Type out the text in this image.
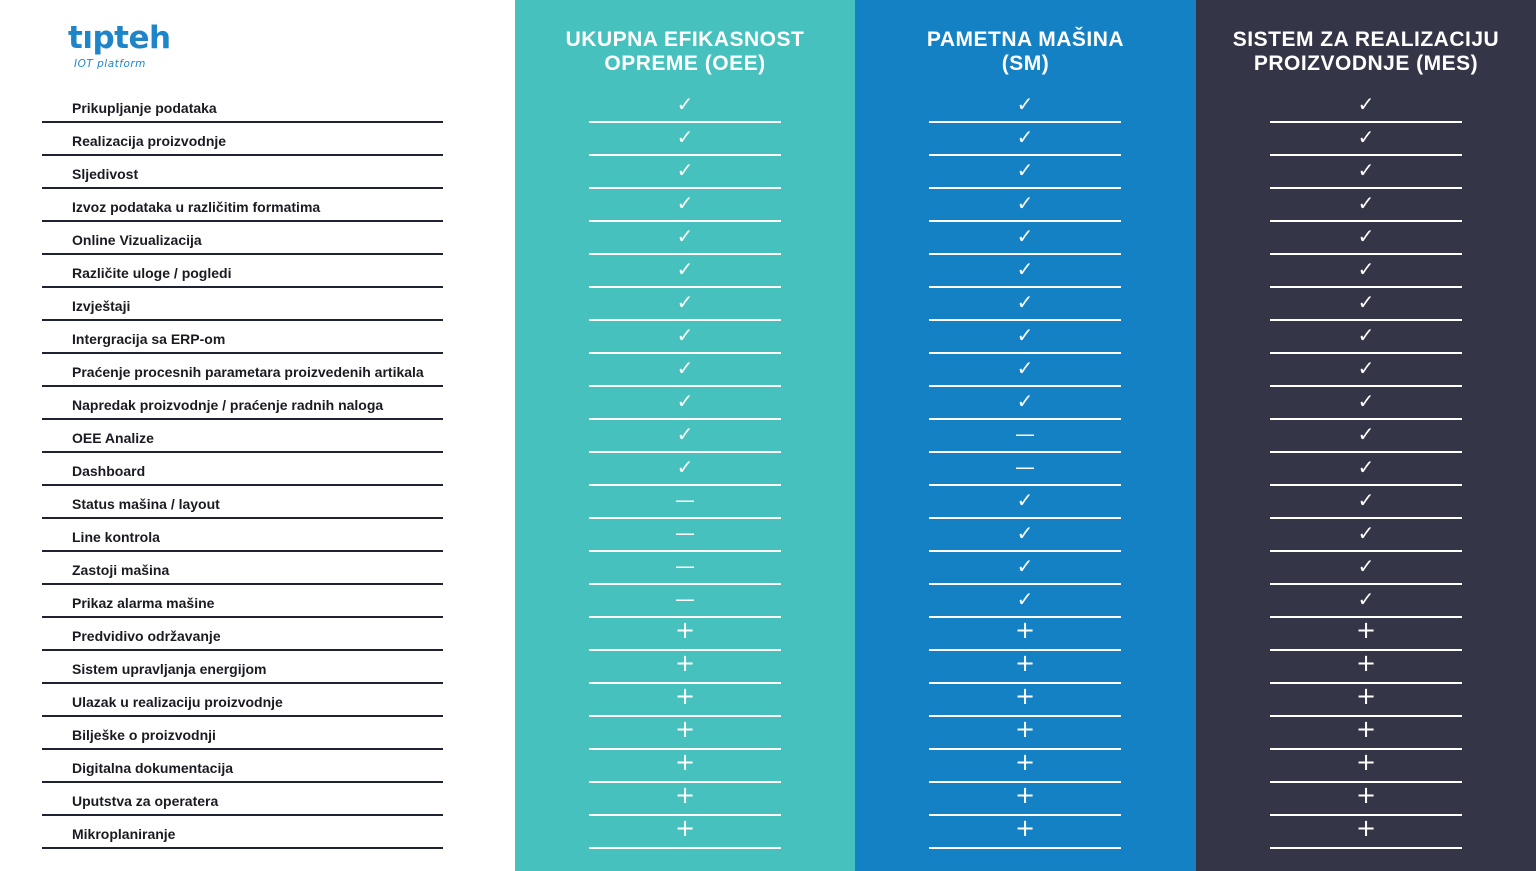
tıpteh
IOT platform
Prikupljanje podataka
Realizacija proizvodnje
Sljedivost
Izvoz podataka u različitim formatima
Online Vizualizacija
Različite uloge / pogledi
Izvještaji
Intergracija sa ERP-om
Praćenje procesnih parametara proizvedenih artikala
Napredak proizvodnje / praćenje radnih naloga
OEE Analize
Dashboard
Status mašina / layout
Line kontrola
Zastoji mašina
Prikaz alarma mašine
Predvidivo održavanje
Sistem upravljanja energijom
Ulazak u realizaciju proizvodnje
Bilješke o proizvodnji
Digitalna dokumentacija
Uputstva za operatera
Mikroplaniranje
UKUPNA EFIKASNOST
OPREME (OEE)
✓
✓
✓
✓
✓
✓
✓
✓
✓
✓
✓
✓
—
—
—
—
+
+
+
+
+
+
+
PAMETNA MAŠINA
(SM)
✓
✓
✓
✓
✓
✓
✓
✓
✓
✓
—
—
✓
✓
✓
✓
+
+
+
+
+
+
+
SISTEM ZA REALIZACIJU
PROIZVODNJE (MES)
✓
✓
✓
✓
✓
✓
✓
✓
✓
✓
✓
✓
✓
✓
✓
✓
+
+
+
+
+
+
+
